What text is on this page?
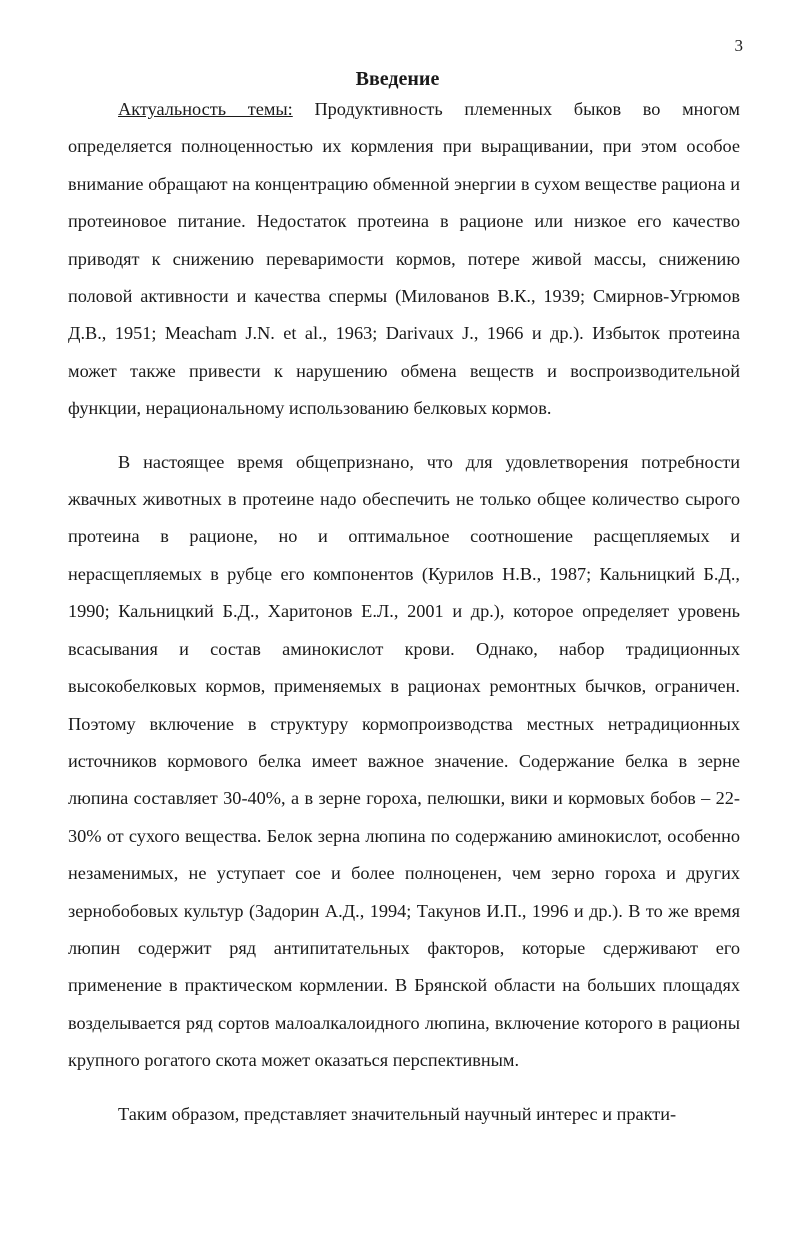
3
Введение

Актуальность темы: Продуктивность племенных быков во многом определяется полноценностью их кормления при выращивании, при этом особое внимание обращают на концентрацию обменной энергии в сухом веществе рациона и протеиновое питание. Недостаток протеина в рационе или низкое его качество приводят к снижению переваримости кормов, потере живой массы, снижению половой активности и качества спермы (Милованов В.К., 1939; Смирнов-Угрюмов Д.В., 1951; Meacham J.N. et al., 1963; Darivaux J., 1966 и др.). Избыток протеина может также привести к нарушению обмена веществ и воспроизводительной функции, нерациональному использованию белковых кормов.

В настоящее время общепризнано, что для удовлетворения потребности жвачных животных в протеине надо обеспечить не только общее количество сырого протеина в рационе, но и оптимальное соотношение расщепляемых и нерасщепляемых в рубце его компонентов (Курилов Н.В., 1987; Кальницкий Б.Д., 1990; Кальницкий Б.Д., Харитонов Е.Л., 2001 и др.), которое определяет уровень всасывания и состав аминокислот крови. Однако, набор традиционных высокобелковых кормов, применяемых в рационах ремонтных бычков, ограничен. Поэтому включение в структуру кормопроизводства местных нетрадиционных источников кормового белка имеет важное значение. Содержание белка в зерне люпина составляет 30-40%, а в зерне гороха, пелюшки, вики и кормовых бобов – 22-30% от сухого вещества. Белок зерна люпина по содержанию аминокислот, особенно незаменимых, не уступает сое и более полноценен, чем зерно гороха и других зернобобовых культур (Задорин А.Д., 1994; Такунов И.П., 1996 и др.). В то же время люпин содержит ряд антипитательных факторов, которые сдерживают его применение в практическом кормлении. В Брянской области на больших площадях возделывается ряд сортов малоалкалоидного люпина, включение которого в рационы крупного рогатого скота может оказаться перспективным.

Таким образом, представляет значительный научный интерес и практи-
